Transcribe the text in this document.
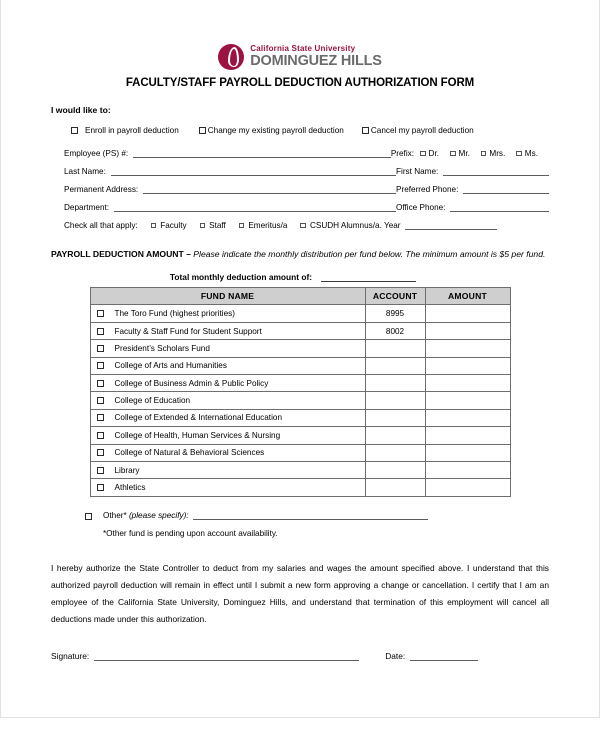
California State University
DOMINGUEZ HILLS
FACULTY/STAFF PAYROLL DEDUCTION AUTHORIZATION FORM
I would like to:
Enroll in payroll deduction	Change my existing payroll deduction	Cancel my payroll deduction
Employee (PS) #:	Prefix: Dr. Mr. Mrs. Ms.
Last Name:	First Name:
Permanent Address:	Preferred Phone:
Department:	Office Phone:
Check all that apply:	Faculty	Staff	Emeritus/a	CSUDH Alumnus/a. Year
PAYROLL DEDUCTION AMOUNT – Please indicate the monthly distribution per fund below. The minimum amount is $5 per fund.
Total monthly deduction amount of:
FUND NAME	ACCOUNT	AMOUNT

The Toro Fund (highest priorities)	8995	

Faculty & Staff Fund for Student Support	8002	

President’s Scholars Fund		

College of Arts and Humanities		

College of Business Admin & Public Policy		

College of Education		

College of Extended & International Education		

College of Health, Human Services & Nursing		

College of Natural & Behavioral Sciences		

Library		

Athletics		

Other* (please specify):
*Other fund is pending upon account availability.
I hereby authorize the State Controller to deduct from my salaries and wages the amount specified above. I understand that this authorized payroll deduction will remain in effect until I submit a new form approving a change or cancellation. I certify that I am an employee of the California State University, Dominguez Hills, and understand that termination of this employment will cancel all deductions made under this authorization.
Signature:	Date:
